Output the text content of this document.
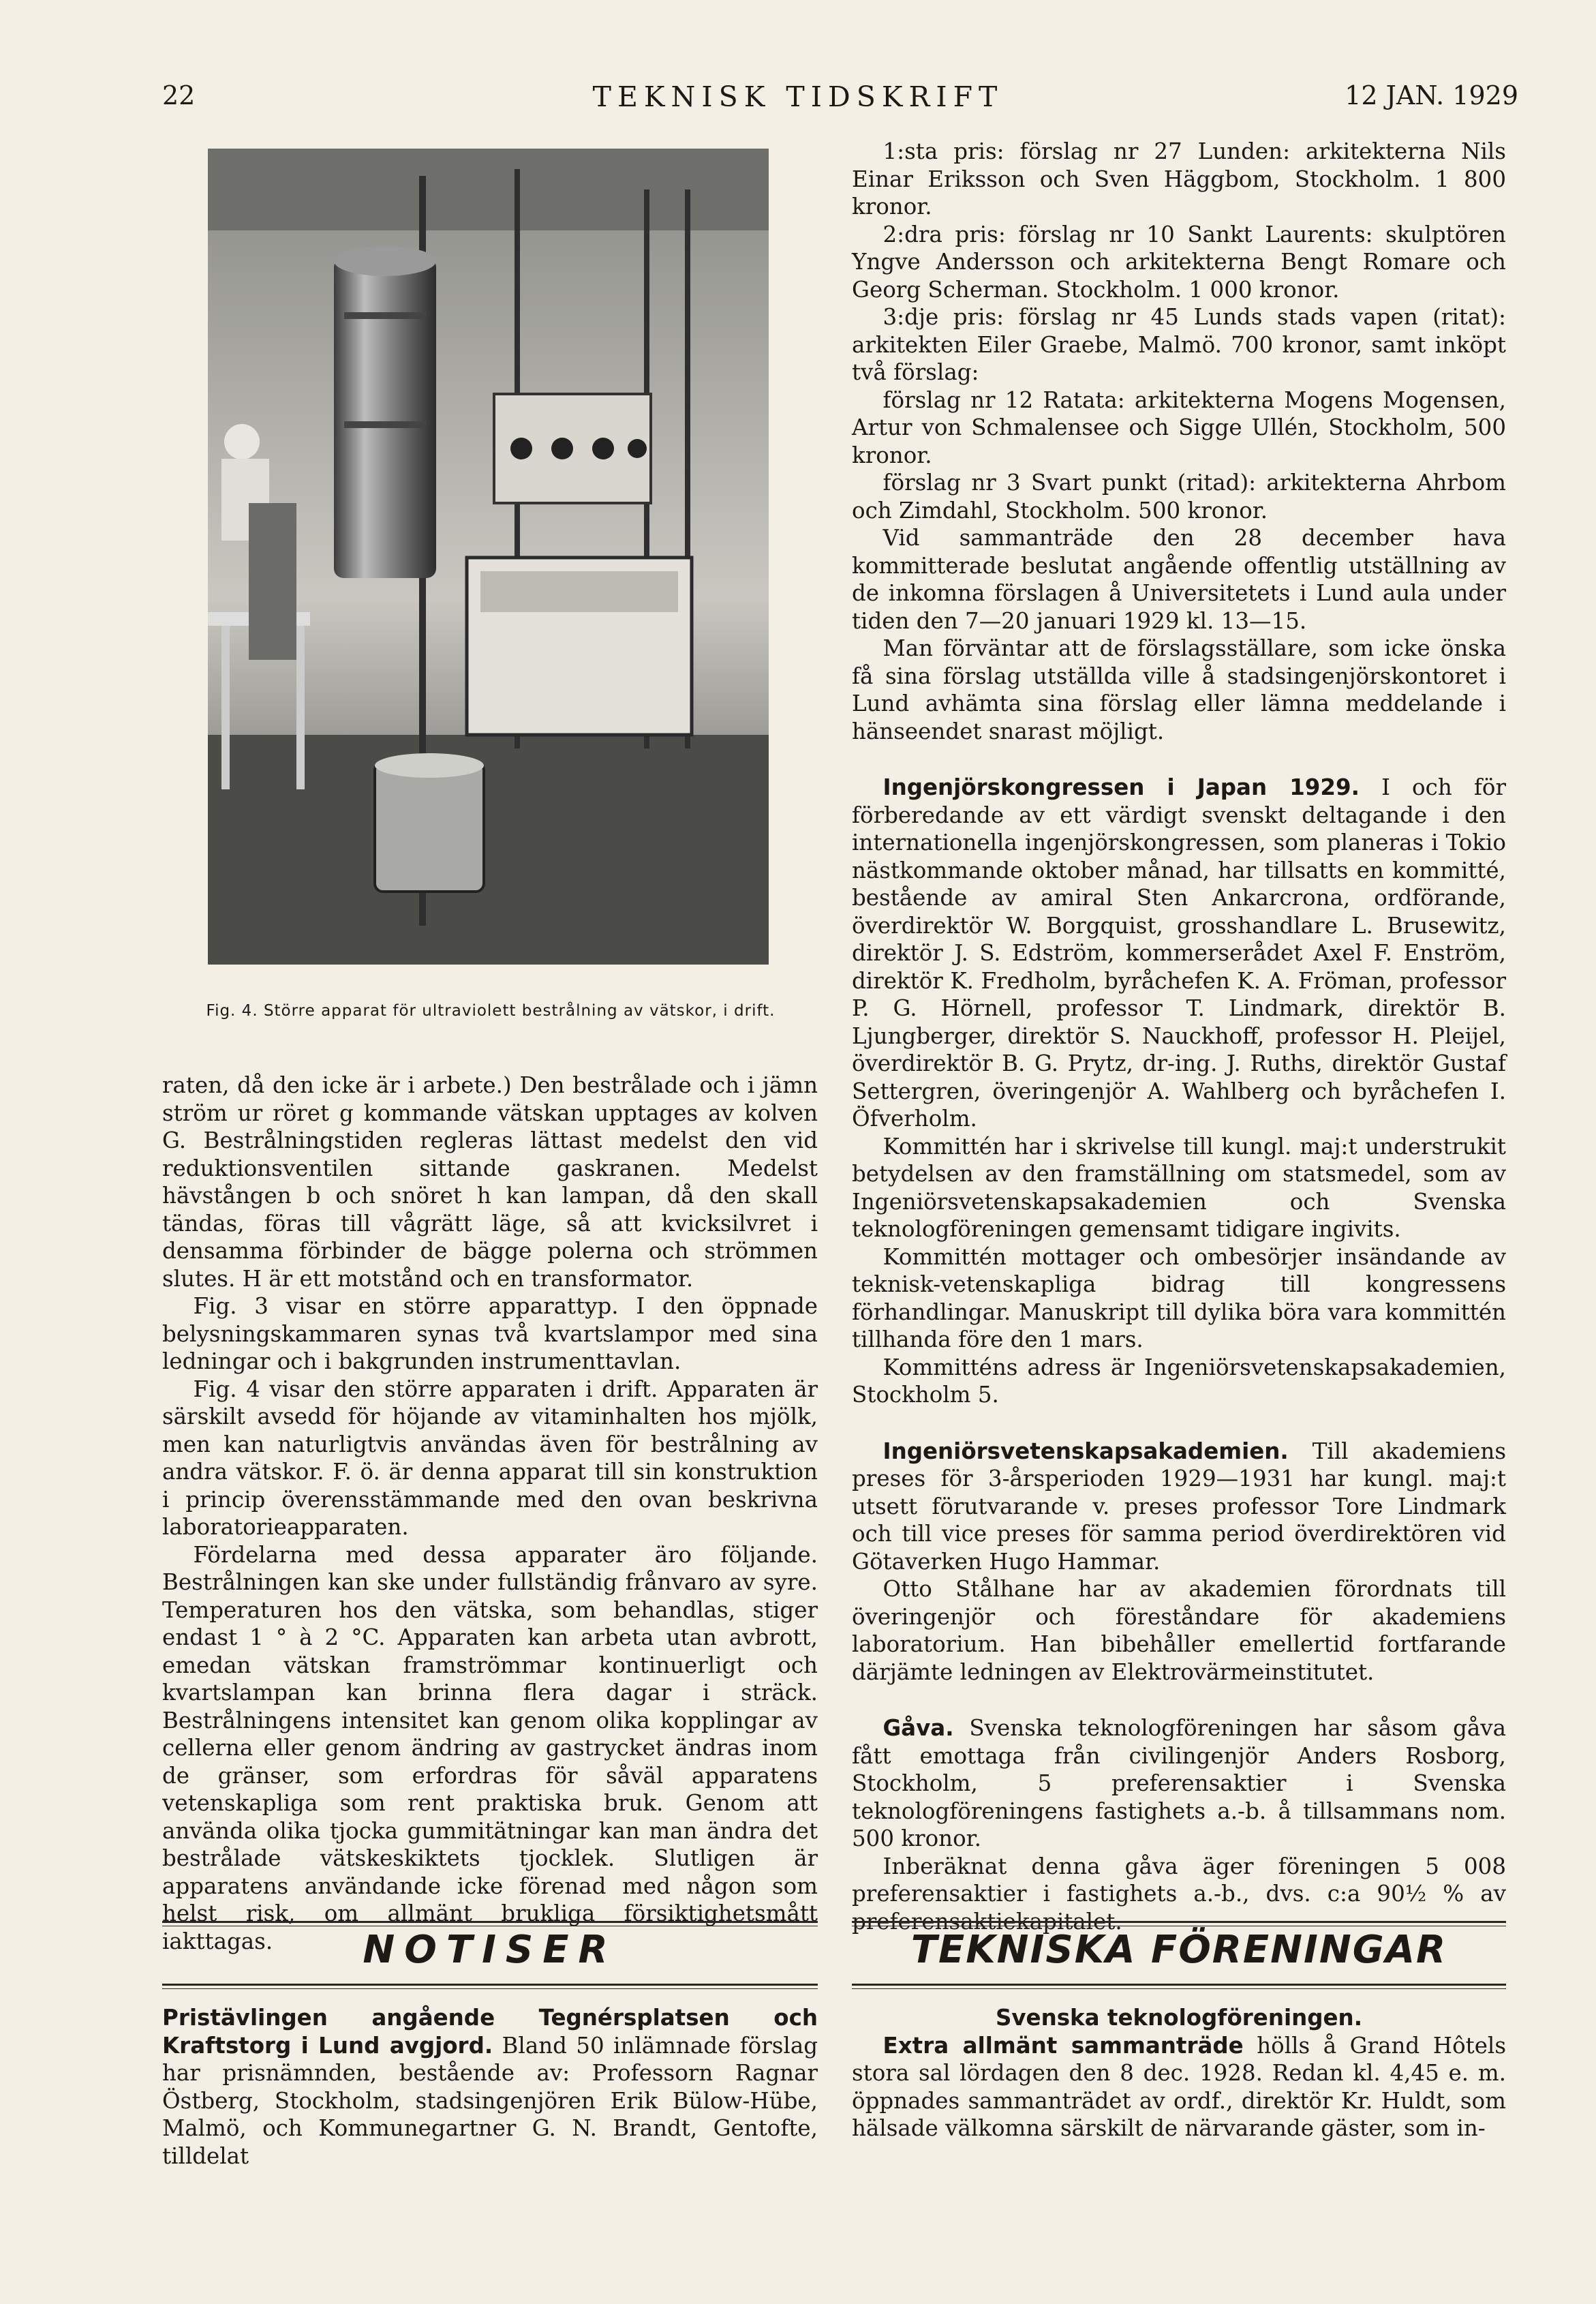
22	TEKNISK TIDSKRIFT	12 JAN. 1929
Fig. 4. Större apparat för ultraviolett bestrålning av vätskor, i drift.

raten, då den icke är i arbete.) Den bestrålade och i jämn ström ur röret g kommande vätskan upptages av kolven G. Bestrålningstiden regleras lättast medelst den vid reduktionsventilen sittande gaskranen. Medelst hävstången b och snöret h kan lampan, då den skall tändas, föras till vågrätt läge, så att kvicksilvret i densamma förbinder de bägge polerna och strömmen slutes. H är ett motstånd och en transformator.

Fig. 3 visar en större apparattyp. I den öppnade belysningskammaren synas två kvartslampor med sina ledningar och i bakgrunden instrumenttavlan.

Fig. 4 visar den större apparaten i drift. Apparaten är särskilt avsedd för höjande av vitaminhalten hos mjölk, men kan naturligtvis användas även för bestrålning av andra vätskor. F. ö. är denna apparat till sin konstruktion i princip överensstämmande med den ovan beskrivna laboratorieapparaten.

Fördelarna med dessa apparater äro följande. Bestrålningen kan ske under fullständig frånvaro av syre. Temperaturen hos den vätska, som behandlas, stiger endast 1 ° à 2 °C. Apparaten kan arbeta utan avbrott, emedan vätskan framströmmar kontinuerligt och kvartslampan kan brinna flera dagar i sträck. Bestrålningens intensitet kan genom olika kopplingar av cellerna eller genom ändring av gastrycket ändras inom de gränser, som erfordras för såväl apparatens vetenskapliga som rent praktiska bruk. Genom att använda olika tjocka gummitätningar kan man ändra det bestrålade vätskeskiktets tjocklek. Slutligen är apparatens användande icke förenad med någon som helst risk, om allmänt brukliga försiktighetsmått iakttagas.

1:sta pris: förslag nr 27 Lunden: arkitekterna Nils Einar Eriksson och Sven Häggbom, Stockholm. 1 800 kronor.

2:dra pris: förslag nr 10 Sankt Laurents: skulptören Yngve Andersson och arkitekterna Bengt Romare och Georg Scherman. Stockholm. 1 000 kronor.

3:dje pris: förslag nr 45 Lunds stads vapen (ritat): arkitekten Eiler Graebe, Malmö. 700 kronor, samt inköpt två förslag:

förslag nr 12 Ratata: arkitekterna Mogens Mogensen, Artur von Schmalensee och Sigge Ullén, Stockholm, 500 kronor.

förslag nr 3 Svart punkt (ritad): arkitekterna Ahrbom och Zimdahl, Stockholm. 500 kronor.

Vid sammanträde den 28 december hava kommitterade beslutat angående offentlig utställning av de inkomna förslagen å Universitetets i Lund aula under tiden den 7—20 januari 1929 kl. 13—15.

Man förväntar att de förslagsställare, som icke önska få sina förslag utställda ville å stadsingenjörskontoret i Lund avhämta sina förslag eller lämna meddelande i hänseendet snarast möjligt.

Ingenjörskongressen i Japan 1929. I och för förberedande av ett värdigt svenskt deltagande i den internationella ingenjörskongressen, som planeras i Tokio nästkommande oktober månad, har tillsatts en kommitté, bestående av amiral Sten Ankarcrona, ordförande, överdirektör W. Borgquist, grosshandlare L. Brusewitz, direktör J. S. Edström, kommerserådet Axel F. Enström, direktör K. Fredholm, byråchefen K. A. Fröman, professor P. G. Hörnell, professor T. Lindmark, direktör B. Ljungberger, direktör S. Nauckhoff, professor H. Pleijel, överdirektör B. G. Prytz, dr-ing. J. Ruths, direktör Gustaf Settergren, överingenjör A. Wahlberg och byråchefen I. Öfverholm.

Kommittén har i skrivelse till kungl. maj:t understrukit betydelsen av den framställning om statsmedel, som av Ingeniörsvetenskapsakademien och Svenska teknologföreningen gemensamt tidigare ingivits.

Kommittén mottager och ombesörjer insändande av teknisk-vetenskapliga bidrag till kongressens förhandlingar. Manuskript till dylika böra vara kommittén tillhanda före den 1 mars.

Kommitténs adress är Ingeniörsvetenskapsakademien, Stockholm 5.

Ingeniörsvetenskapsakademien. Till akademiens preses för 3-årsperioden 1929—1931 har kungl. maj:t utsett förutvarande v. preses professor Tore Lindmark och till vice preses för samma period överdirektören vid Götaverken Hugo Hammar.

Otto Stålhane har av akademien förordnats till överingenjör och föreståndare för akademiens laboratorium. Han bibehåller emellertid fortfarande därjämte ledningen av Elektrovärmeinstitutet.

Gåva. Svenska teknologföreningen har såsom gåva fått emottaga från civilingenjör Anders Rosborg, Stockholm, 5 preferensaktier i Svenska teknologföreningens fastighets a.-b. å tillsammans nom. 500 kronor.

Inberäknat denna gåva äger föreningen 5 008 preferensaktier i fastighets a.-b., dvs. c:a 90½ % av preferensaktiekapitalet.

NOTISER	TEKNISKA FÖRENINGAR

Pristävlingen angående Tegnérsplatsen och Kraftstorg i Lund avgjord. Bland 50 inlämnade förslag har prisnämnden, bestående av: Professorn Ragnar Östberg, Stockholm, stadsingenjören Erik Bülow-Hübe, Malmö, och Kommunegartner G. N. Brandt, Gentofte, tilldelat

Svenska teknologföreningen.

Extra allmänt sammanträde hölls å Grand Hôtels stora sal lördagen den 8 dec. 1928. Redan kl. 4,45 e. m. öppnades sammanträdet av ordf., direktör Kr. Huldt, som hälsade välkomna särskilt de närvarande gäster, som in-
